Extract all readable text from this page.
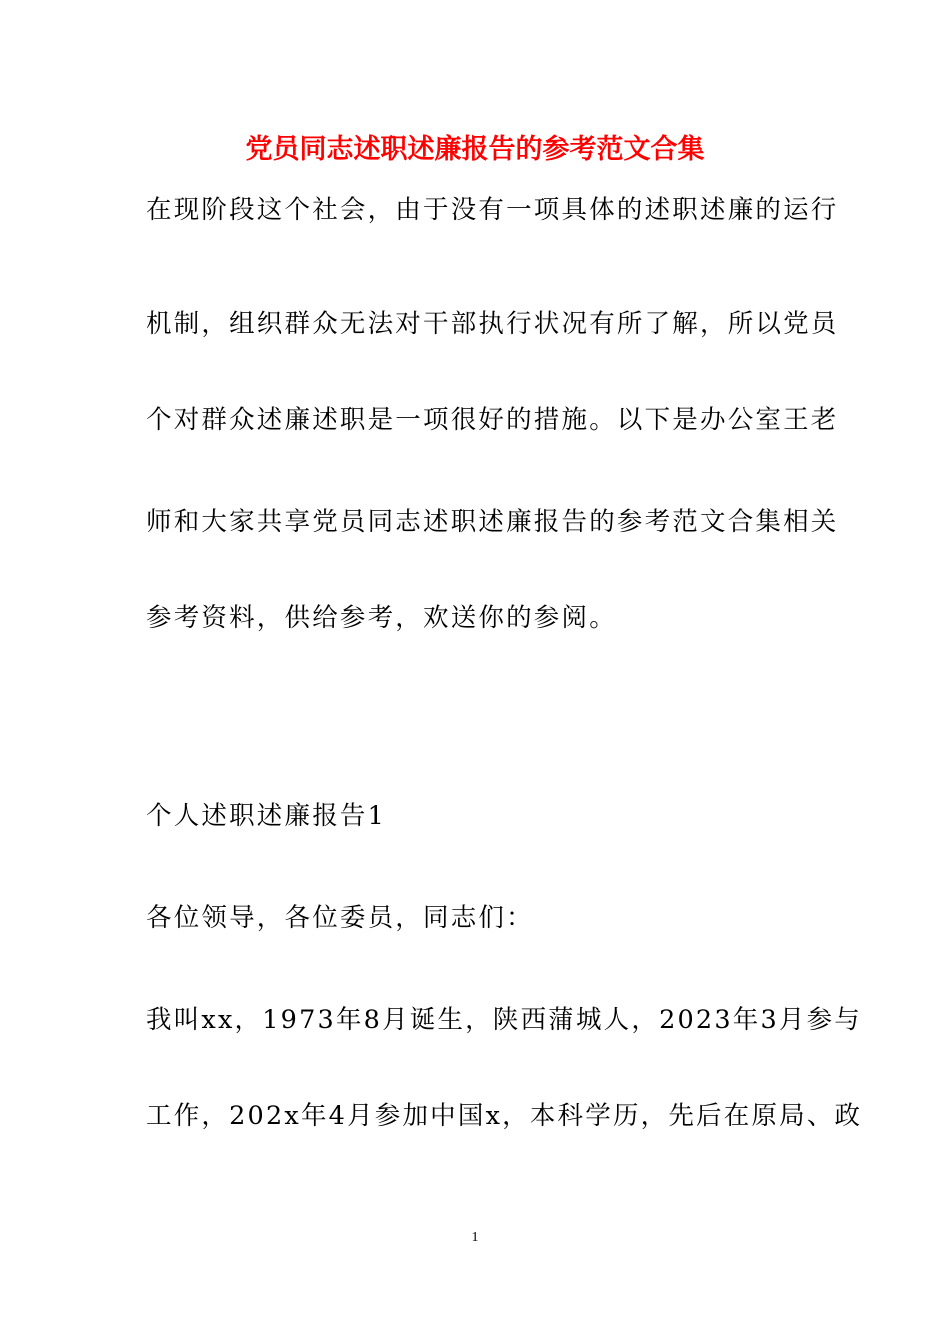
党员同志述职述廉报告的参考范文合集

在现阶段这个社会，由于没有一项具体的述职述廉的运行

机制，组织群众无法对干部执行状况有所了解，所以党员

个对群众述廉述职是一项很好的措施。以下是办公室王老

师和大家共享党员同志述职述廉报告的参考范文合集相关

参考资料，供给参考，欢送你的参阅。

个人述职述廉报告1

各位领导，各位委员，同志们：

我叫xx，1973年8月诞生，陕西蒲城人，2023年3月参与

工作，202x年4月参加中国x，本科学历，先后在原局、政

1
